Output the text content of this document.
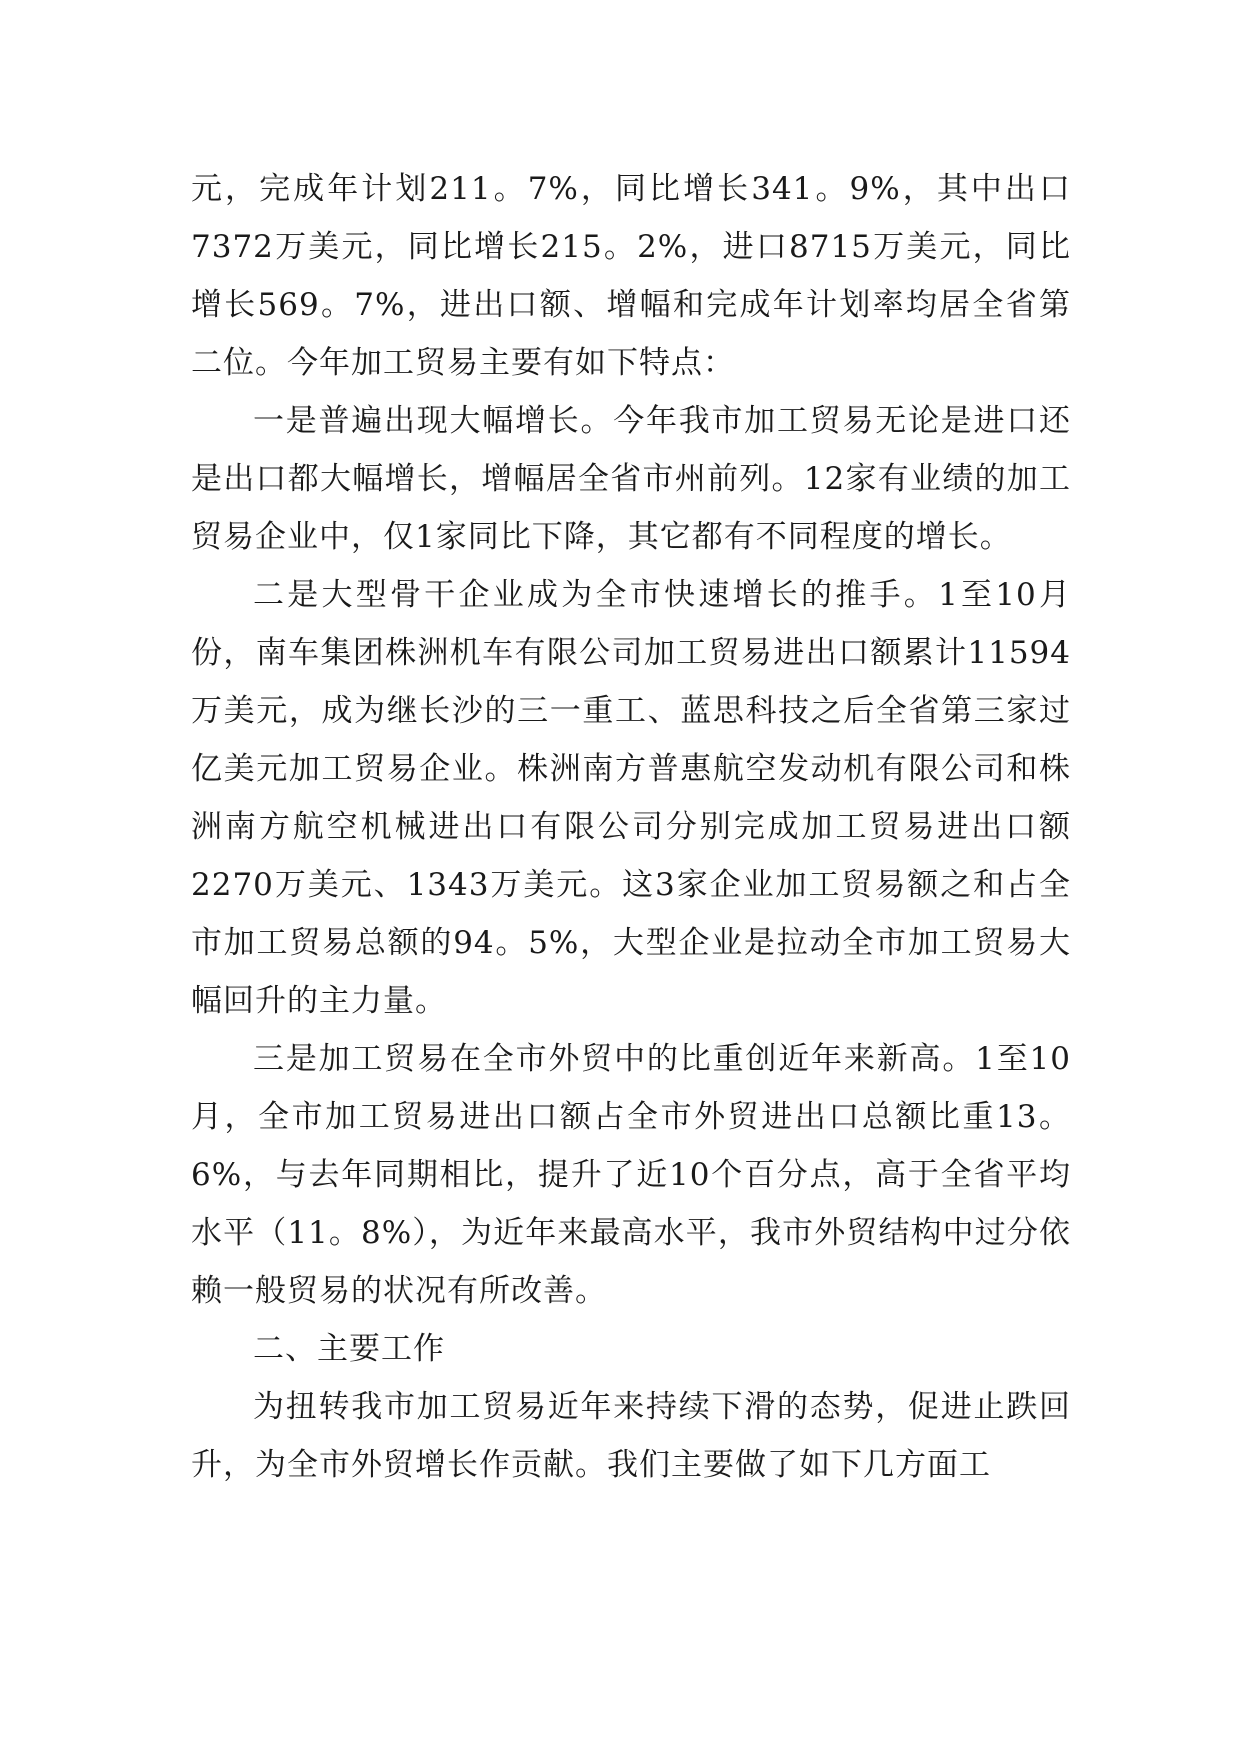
元，完成年计划211。7%，同比增长341。9%，其中出口7372万美元，同比增长215。2%，进口8715万美元，同比增长569。7%，进出口额、增幅和完成年计划率均居全省第二位。今年加工贸易主要有如下特点：

一是普遍出现大幅增长。今年我市加工贸易无论是进口还是出口都大幅增长，增幅居全省市州前列。12家有业绩的加工贸易企业中，仅1家同比下降，其它都有不同程度的增长。

二是大型骨干企业成为全市快速增长的推手。1至10月份，南车集团株洲机车有限公司加工贸易进出口额累计11594万美元，成为继长沙的三一重工、蓝思科技之后全省第三家过亿美元加工贸易企业。株洲南方普惠航空发动机有限公司和株洲南方航空机械进出口有限公司分别完成加工贸易进出口额2270万美元、1343万美元。这3家企业加工贸易额之和占全市加工贸易总额的94。5%，大型企业是拉动全市加工贸易大幅回升的主力量。

三是加工贸易在全市外贸中的比重创近年来新高。1至10月，全市加工贸易进出口额占全市外贸进出口总额比重13。6%，与去年同期相比，提升了近10个百分点，高于全省平均水平（11。8%），为近年来最高水平，我市外贸结构中过分依赖一般贸易的状况有所改善。

二、主要工作

为扭转我市加工贸易近年来持续下滑的态势，促进止跌回升，为全市外贸增长作贡献。我们主要做了如下几方面工
